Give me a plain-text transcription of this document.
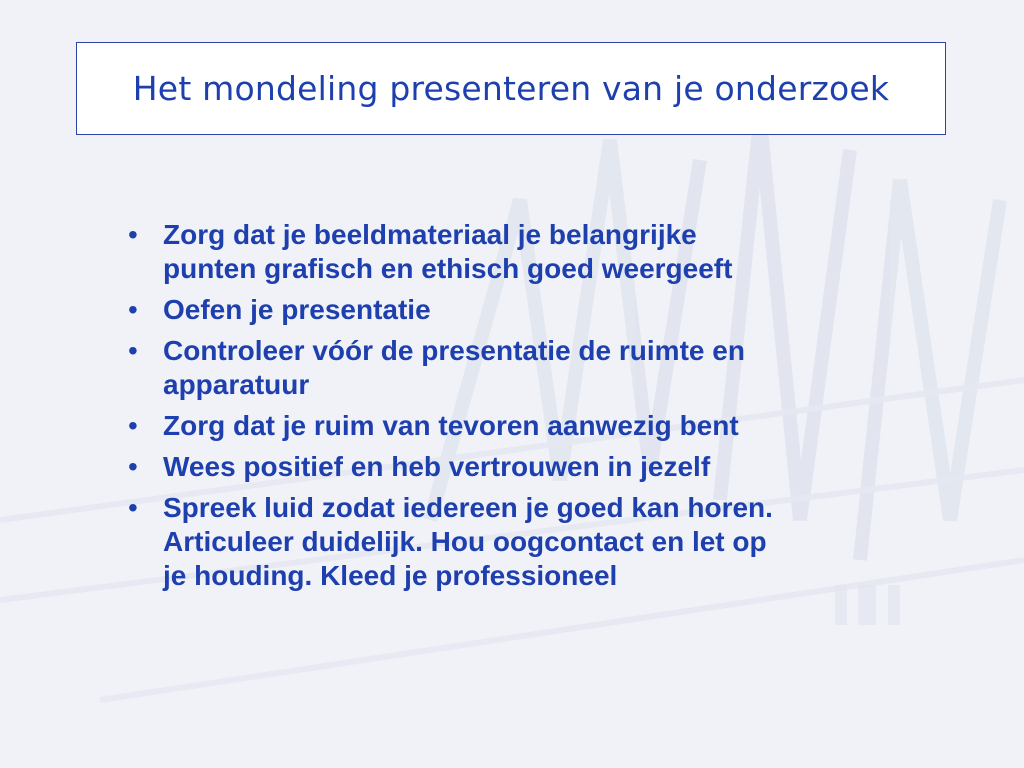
Het mondeling presenteren van je onderzoek
• Zorg dat je beeldmateriaal je belangrijke
punten grafisch en ethisch goed weergeeft
• Oefen je presentatie
• Controleer vóór de presentatie de ruimte en
apparatuur
• Zorg dat je ruim van tevoren aanwezig bent
• Wees positief en heb vertrouwen in jezelf
• Spreek luid zodat iedereen je goed kan horen.
Articuleer duidelijk. Hou oogcontact en let op
je houding. Kleed je professioneel
